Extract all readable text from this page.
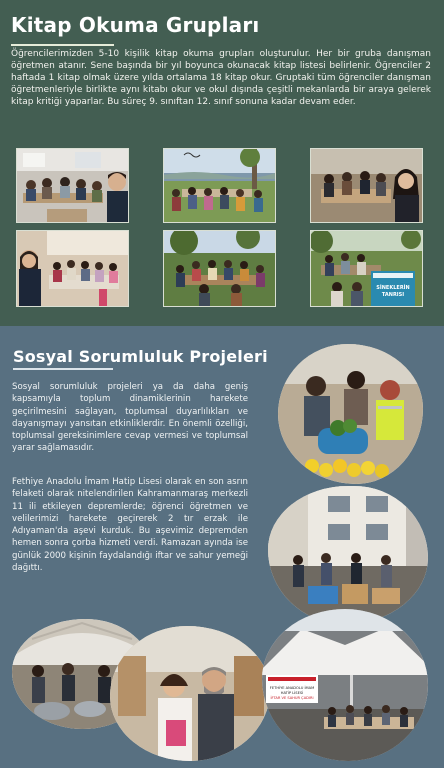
Kitap Okuma Grupları

Öğrencilerimizden 5-10 kişilik kitap okuma grupları oluşturulur. Her bir gruba danışman öğretmen atanır. Sene başında bir yıl boyunca okunacak kitap listesi belirlenir. Öğrenciler 2 haftada 1 kitap olmak üzere yılda ortalama 18 kitap okur. Gruptaki tüm öğrenciler danışman öğretmenleriyle birlikte aynı kitabı okur ve okul dışında çeşitli mekanlarda bir araya gelerek kitap kritiği yaparlar. Bu süreç 9. sınıftan 12. sınıf sonuna kadar devam eder.

SİNEKLERİN
TANRISI
Sosyal Sorumluluk Projeleri

Sosyal sorumluluk projeleri ya da daha geniş kapsamıyla toplum dinamiklerinin harekete geçirilmesini sağlayan, toplumsal duyarlılıkları ve dayanışmayı yansıtan etkinliklerdir. En önemli özelliği, toplumsal gereksinimlere cevap vermesi ve toplumsal yarar sağlamasıdır.

Fethiye Anadolu İmam Hatip Lisesi olarak en son asrın felaketi olarak nitelendirilen Kahramanmaraş merkezli 11 ili etkileyen depremlerde; öğrenci öğretmen ve velilerimizi harekete geçirerek 2 tır erzak ile Adıyaman'da aşevi kurduk. Bu aşevimiz depremden hemen sonra çorba hizmeti verdi. Ramazan ayında ise günlük 2000 kişinin faydalandığı iftar ve sahur yemeği dağıttı.

FETHİYE ANADOLU İMAM
HATİP LİSESİ
İFTAR VE SAHUR ÇADIRI
